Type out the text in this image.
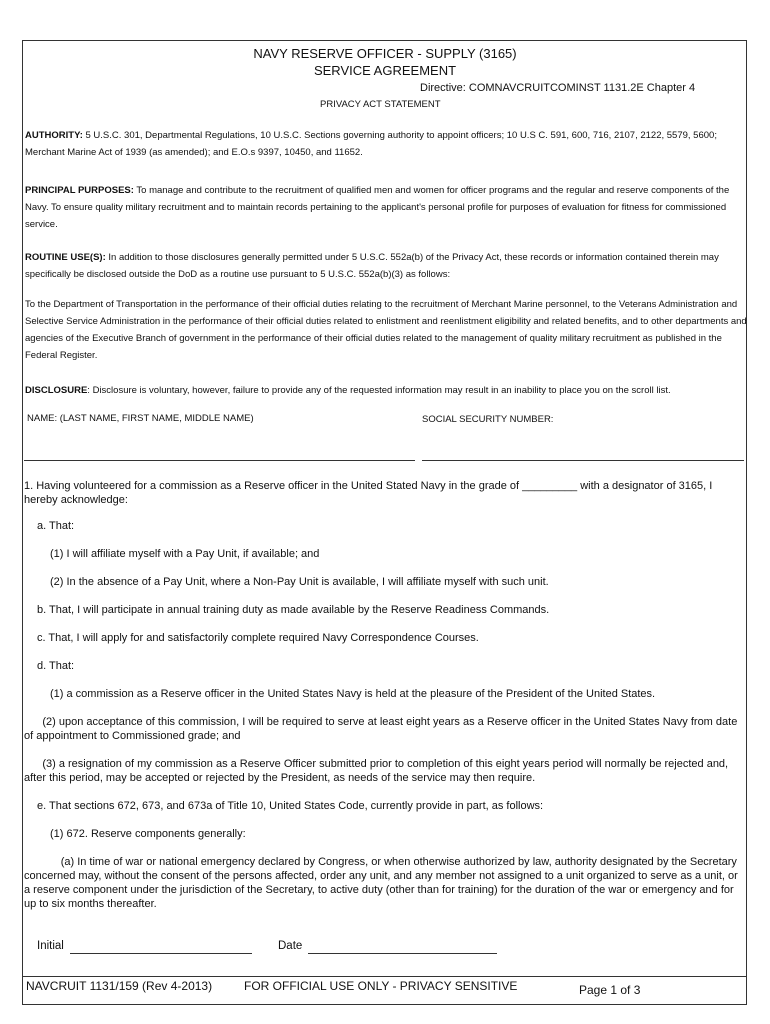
NAVY RESERVE OFFICER - SUPPLY (3165)
SERVICE AGREEMENT
Directive: COMNAVCRUITCOMINST 1131.2E Chapter 4
PRIVACY ACT STATEMENT
AUTHORITY: 5 U.S.C. 301, Departmental Regulations, 10 U.S.C. Sections governing authority to appoint officers; 10 U.S C. 591, 600, 716, 2107, 2122, 5579, 5600; Merchant Marine Act of 1939 (as amended); and E.O.s 9397, 10450, and 11652.
PRINCIPAL PURPOSES: To manage and contribute to the recruitment of qualified men and women for officer programs and the regular and reserve components of the Navy. To ensure quality military recruitment and to maintain records pertaining to the applicant's personal profile for purposes of evaluation for fitness for commissioned service.
ROUTINE USE(S): In addition to those disclosures generally permitted under 5 U.S.C. 552a(b) of the Privacy Act, these records or information contained therein may specifically be disclosed outside the DoD as a routine use pursuant to 5 U.S.C. 552a(b)(3) as follows:
To the Department of Transportation in the performance of their official duties relating to the recruitment of Merchant Marine personnel, to the Veterans Administration and Selective Service Administration in the performance of their official duties related to enlistment and reenlistment eligibility and related benefits, and to other departments and agencies of the Executive Branch of government in the performance of their official duties related to the management of quality military recruitment as published in the Federal Register.
DISCLOSURE: Disclosure is voluntary, however, failure to provide any of the requested information may result in an inability to place you on the scroll list.
NAME: (LAST NAME, FIRST NAME, MIDDLE NAME)	SOCIAL SECURITY NUMBER:
1. Having volunteered for a commission as a Reserve officer in the United Stated Navy in the grade of _________ with a designator of 3165, I hereby acknowledge:
a. That:
(1) I will affiliate myself with a Pay Unit, if available; and
(2) In the absence of a Pay Unit, where a Non-Pay Unit is available, I will affiliate myself with such unit.
b. That, I will participate in annual training duty as made available by the Reserve Readiness Commands.
c. That, I will apply for and satisfactorily complete required Navy Correspondence Courses.
d. That:
(1) a commission as a Reserve officer in the United States Navy is held at the pleasure of the President of the United States.
(2) upon acceptance of this commission, I will be required to serve at least eight years as a Reserve officer in the United States Navy from date of appointment to Commissioned grade; and
(3) a resignation of my commission as a Reserve Officer submitted prior to completion of this eight years period will normally be rejected and, after this period, may be accepted or rejected by the President, as needs of the service may then require.
e. That sections 672, 673, and 673a of Title 10, United States Code, currently provide in part, as follows:
(1) 672. Reserve components generally:
(a) In time of war or national emergency declared by Congress, or when otherwise authorized by law, authority designated by the Secretary concerned may, without the consent of the persons affected, order any unit, and any member not assigned to a unit organized to serve as a unit, or a reserve component under the jurisdiction of the Secretary, to active duty (other than for training) for the duration of the war or emergency and for up to six months thereafter.
Initial	Date
NAVCRUIT 1131/159 (Rev 4-2013)	FOR OFFICIAL USE ONLY - PRIVACY SENSITIVE	Page 1 of 3
